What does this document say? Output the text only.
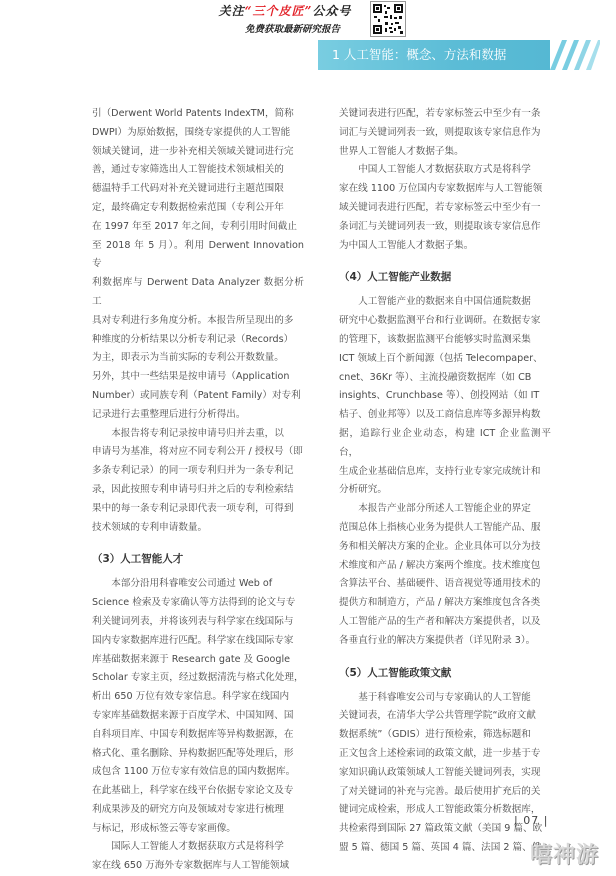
关注“三个皮匠”公众号
免费获取最新研究报告
1 人工智能：概念、方法和数据

引（Derwent World Patents IndexTM，简称
DWPI）为原始数据，围绕专家提供的人工智能
领域关键词，进一步补充相关领域关键词进行完
善，通过专家筛选出人工智能技术领域相关的
德温特手工代码对补充关键词进行主题范围限
定，最终确定专利数据检索范围（专利公开年
在 1997 年至 2017 年之间，专利引用时间截止
至 2018 年 5 月）。利用 Derwent Innovation 专
利数据库与 Derwent Data Analyzer 数据分析工
具对专利进行多角度分析。本报告所呈现出的多
种维度的分析结果以分析专利记录（Records）
为主，即表示为当前实际的专利公开数数量。
另外，其中一些结果是按申请号（Application
Number）或同族专利（Patent Family）对专利
记录进行去重整理后进行分析得出。

本报告将专利记录按申请号归并去重，以
申请号为基准，将对应不同专利公开 / 授权号（即
多条专利记录）的同一项专利归并为一条专利记
录，因此按照专利申请号归并之后的专利检索结
果中的每一条专利记录即代表一项专利，可得到
技术领域的专利申请数量。

（3）人工智能人才

本部分沿用科睿唯安公司通过 Web of
Science 检索及专家确认等方法得到的论文与专
利关键词列表，并将该列表与科学家在线国际与
国内专家数据库进行匹配。科学家在线国际专家
库基础数据来源于 Research gate 及 Google
Scholar 专家主页，经过数据清洗与格式化处理，
析出 650 万位有效专家信息。科学家在线国内
专家库基础数据来源于百度学术、中国知网、国
自科项目库、中国专利数据库等异构数据源，在
格式化、重名删除、异构数据匹配等处理后，形
成包含 1100 万位专家有效信息的国内数据库。
在此基础上，科学家在线平台依据专家论文及专
利成果涉及的研究方向及领域对专家进行梳理
与标记，形成标签云等专家画像。

国际人工智能人才数据获取方式是将科学
家在线 650 万海外专家数据库与人工智能领域

关键词表进行匹配，若专家标签云中至少有一条
词汇与关键词列表一致，则提取该专家信息作为
世界人工智能人才数据子集。

中国人工智能人才数据获取方式是将科学
家在线 1100 万位国内专家数据库与人工智能领
域关键词表进行匹配，若专家标签云中至少有一
条词汇与关键词列表一致，则提取该专家信息作
为中国人工智能人才数据子集。

（4）人工智能产业数据

人工智能产业的数据来自中国信通院数据
研究中心数据监测平台和行业调研。在数据专家
的管理下，该数据监测平台能够实时监测采集
ICT 领域上百个新闻源（包括 Telecompaper、
cnet、36Kr 等）、主流投融资数据库（如 CB
insights、Crunchbase 等）、创投网站（如 IT
桔子、创业邦等）以及工商信息库等多源异构数
据，追踪行业企业动态，构建 ICT 企业监测平台，
生成企业基础信息库，支持行业专家完成统计和
分析研究。

本报告产业部分所述人工智能企业的界定
范围总体上指核心业务为提供人工智能产品、服
务和相关解决方案的企业。企业具体可以分为技
术维度和产品 / 解决方案两个维度。技术维度包
含算法平台、基础硬件、语音视觉等通用技术的
提供方和制造方，产品 / 解决方案维度包含各类
人工智能产品的生产者和解决方案提供者，以及
各垂直行业的解决方案提供者（详见附录 3）。

（5）人工智能政策文献

基于科睿唯安公司与专家确认的人工智能
关键词表，在清华大学公共管理学院“政府文献
数据系统”（GDIS）进行预检索，筛选标题和
正文包含上述检索词的政策文献，进一步基于专
家知识确认政策领域人工智能关键词列表，实现
了对关键词的补充与完善。最后使用扩充后的关
键词完成检索，形成人工智能政策分析数据库，
共检索得到国际 27 篇政策文献（美国 9 篇、欧
盟 5 篇、德国 5 篇、英国 4 篇、法国 2 篇、俄

| 07 |
嘻神游
